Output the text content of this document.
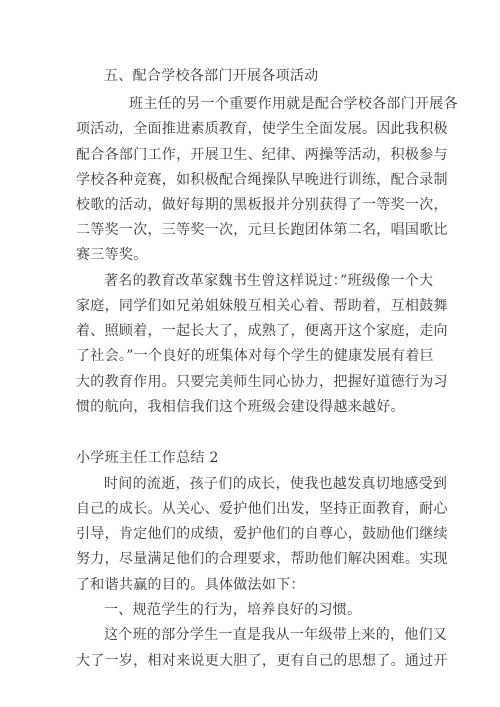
五、配合学校各部门开展各项活动
班主任的另一个重要作用就是配合学校各部门开展各
项活动，全面推进素质教育，使学生全面发展。因此我积极
配合各部门工作，开展卫生、纪律、两操等活动，积极参与
学校各种竞赛，如积极配合绳操队早晚进行训练，配合录制
校歌的活动，做好每期的黑板报并分别获得了一等奖一次，
二等奖一次，三等奖一次，元旦长跑团体第二名，唱国歌比
赛三等奖。
著名的教育改革家魏书生曾这样说过：”班级像一个大
家庭，同学们如兄弟姐妹般互相关心着、帮助着，互相鼓舞
着、照顾着，一起长大了，成熟了，便离开这个家庭，走向
了社会。”一个良好的班集体对每个学生的健康发展有着巨
大的教育作用。只要完美师生同心协力，把握好道德行为习
惯的航向，我相信我们这个班级会建设得越来越好。
小学班主任工作总结 2
时间的流逝，孩子们的成长，使我也越发真切地感受到
自己的成长。从关心、爱护他们出发，坚持正面教育，耐心
引导，肯定他们的成绩，爱护他们的自尊心，鼓励他们继续
努力，尽量满足他们的合理要求，帮助他们解决困难。实现
了和谐共赢的目的。具体做法如下：
一、规范学生的行为，培养良好的习惯。
这个班的部分学生一直是我从一年级带上来的，他们又
大了一岁，相对来说更大胆了，更有自己的思想了。通过开
